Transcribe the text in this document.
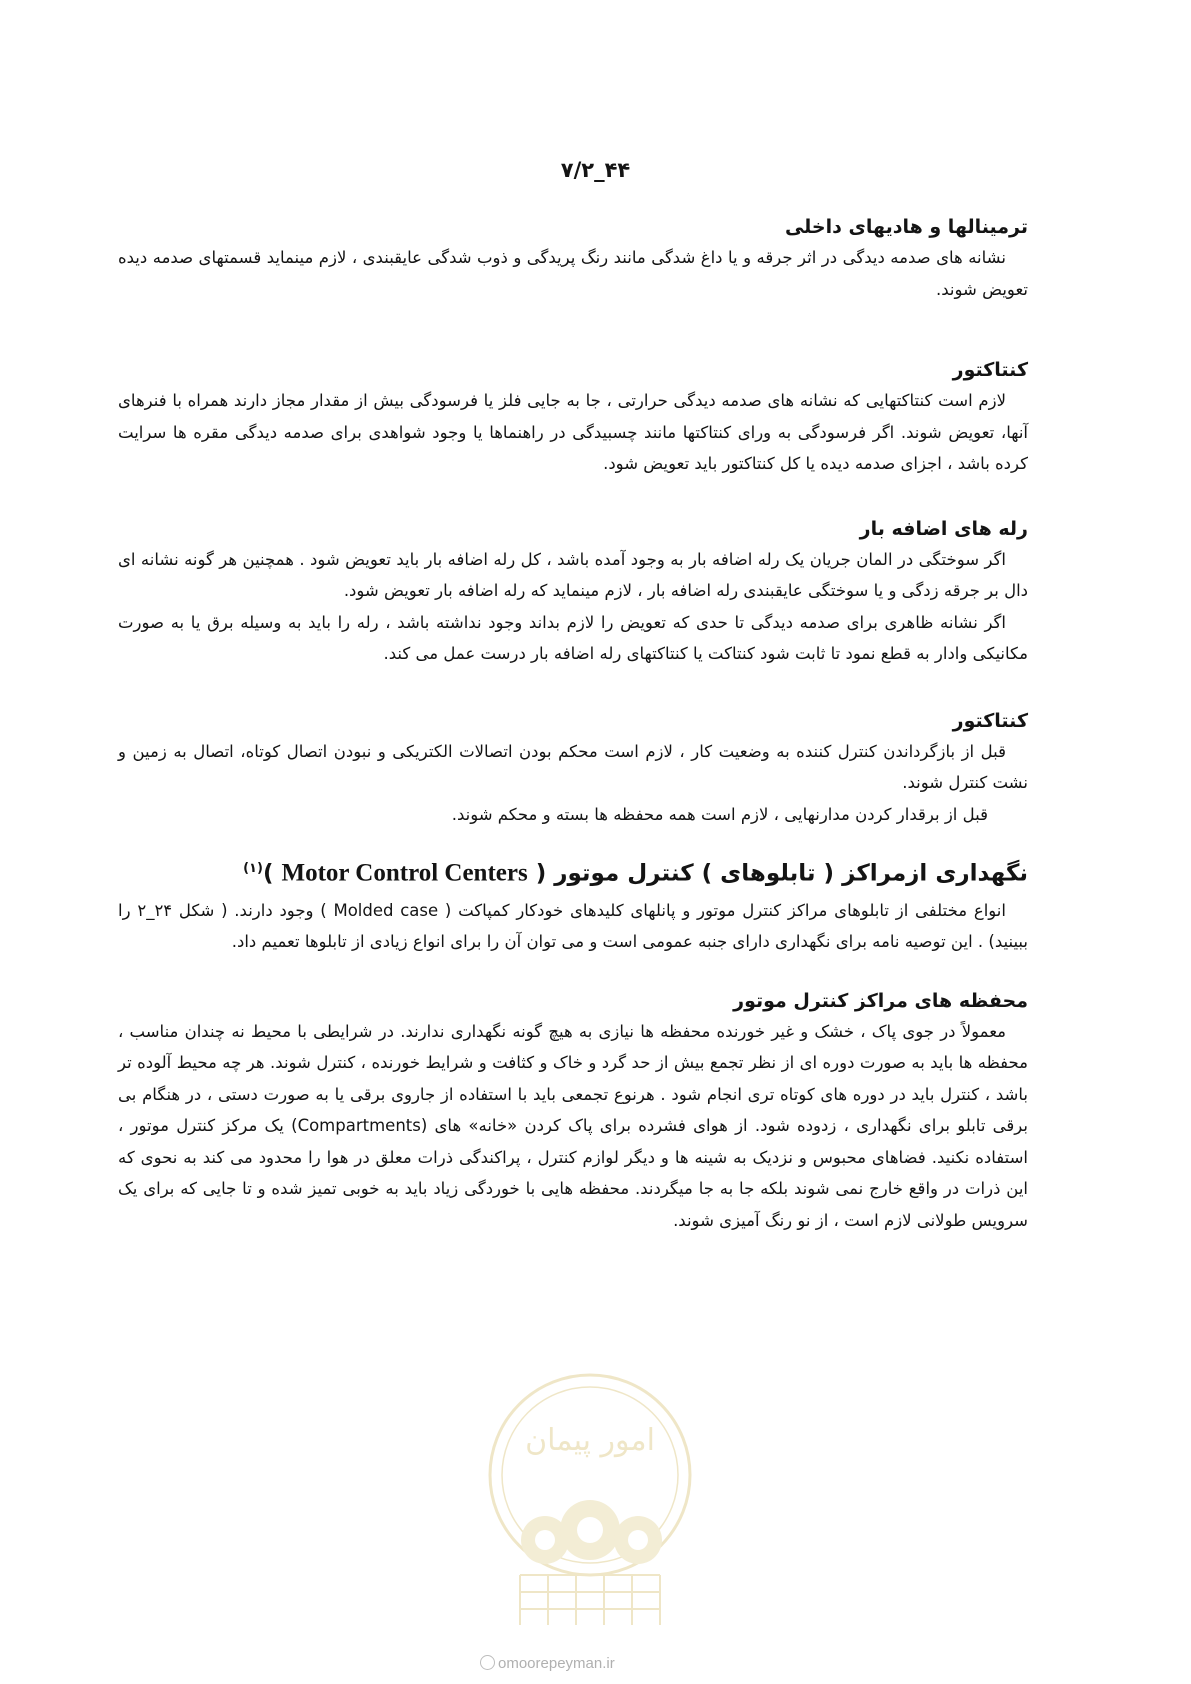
۷/۲_۴۴
ترمینالها و هادیهای داخلی

نشانه های صدمه دیدگی در اثر جرقه و یا داغ شدگی مانند رنگ پریدگی و ذوب شدگی عایقبندی ، لازم مینماید قسمتهای صدمه دیده تعویض شوند.

کنتاکتور

لازم است کنتاکتهایی که نشانه های صدمه دیدگی حرارتی ، جا به جایی فلز یا فرسودگی بیش از مقدار مجاز دارند همراه با فنرهای آنها، تعویض شوند. اگر فرسودگی به ورای کنتاکتها مانند چسبیدگی در راهنماها یا وجود شواهدی برای صدمه دیدگی مقره ها سرایت کرده باشد ، اجزای صدمه دیده یا کل کنتاکتور باید تعویض شود.

رله های اضافه بار

اگر سوختگی در المان جریان یک رله اضافه بار به وجود آمده باشد ، کل رله اضافه بار باید تعویض شود . همچنین هر گونه نشانه ای دال بر جرقه زدگی و یا سوختگی عایقبندی رله اضافه بار ، لازم مینماید که رله اضافه بار تعویض شود.

اگر نشانه ظاهری برای صدمه دیدگی تا حدی که تعویض را لازم بداند وجود نداشته باشد ، رله را باید به وسیله برق یا به صورت مکانیکی وادار به قطع نمود تا ثابت شود کنتاکت یا کنتاکتهای رله اضافه بار درست عمل می کند.

کنتاکتور

قبل از بازگرداندن کنترل کننده به وضعیت کار ، لازم است محکم بودن اتصالات الکتریکی و نبودن اتصال کوتاه، اتصال به زمین و نشت کنترل شوند.

قبل از برقدار کردن مدارنهایی ، لازم است همه محفظه ها بسته و محکم شوند.

نگهداری ازمراکز ( تابلوهای ) کنترل موتور ( Motor Control Centers )$^{(۱)}$

انواع مختلفی از تابلوهای مراکز کنترل موتور و پانلهای کلیدهای خودکار کمپاکت ( Molded case ) وجود دارند. ( شکل ۲۴_۲ را ببینید) . این توصیه نامه برای نگهداری دارای جنبه عمومی است و می توان آن را برای انواع زیادی از تابلوها تعمیم داد.

محفظه های مراکز کنترل موتور

معمولاً در جوی پاک ، خشک و غیر خورنده محفظه ها نیازی به هیچ گونه نگهداری ندارند. در شرایطی با محیط نه چندان مناسب ، محفظه ها باید به صورت دوره ای از نظر تجمع بیش از حد گرد و خاک و کثافت و شرایط خورنده ، کنترل شوند. هر چه محیط آلوده تر باشد ، کنترل باید در دوره های کوتاه تری انجام شود . هرنوع تجمعی باید با استفاده از جاروی برقی یا به صورت دستی ، در هنگام بی برقی تابلو برای نگهداری ، زدوده شود. از هوای فشرده برای پاک کردن «خانه» های (Compartments) یک مرکز کنترل موتور ، استفاده نکنید. فضاهای محبوس و نزدیک به شینه ها و دیگر لوازم کنترل ، پراکندگی ذرات معلق در هوا را محدود می کند به نحوی که این ذرات در واقع خارج نمی شوند بلکه جا به جا میگردند. محفظه هایی با خوردگی زیاد باید به خوبی تمیز شده و تا جایی که برای یک سرویس طولانی لازم است ، از نو رنگ آمیزی شوند.

امور پیمان
omoorepeyman.ir
